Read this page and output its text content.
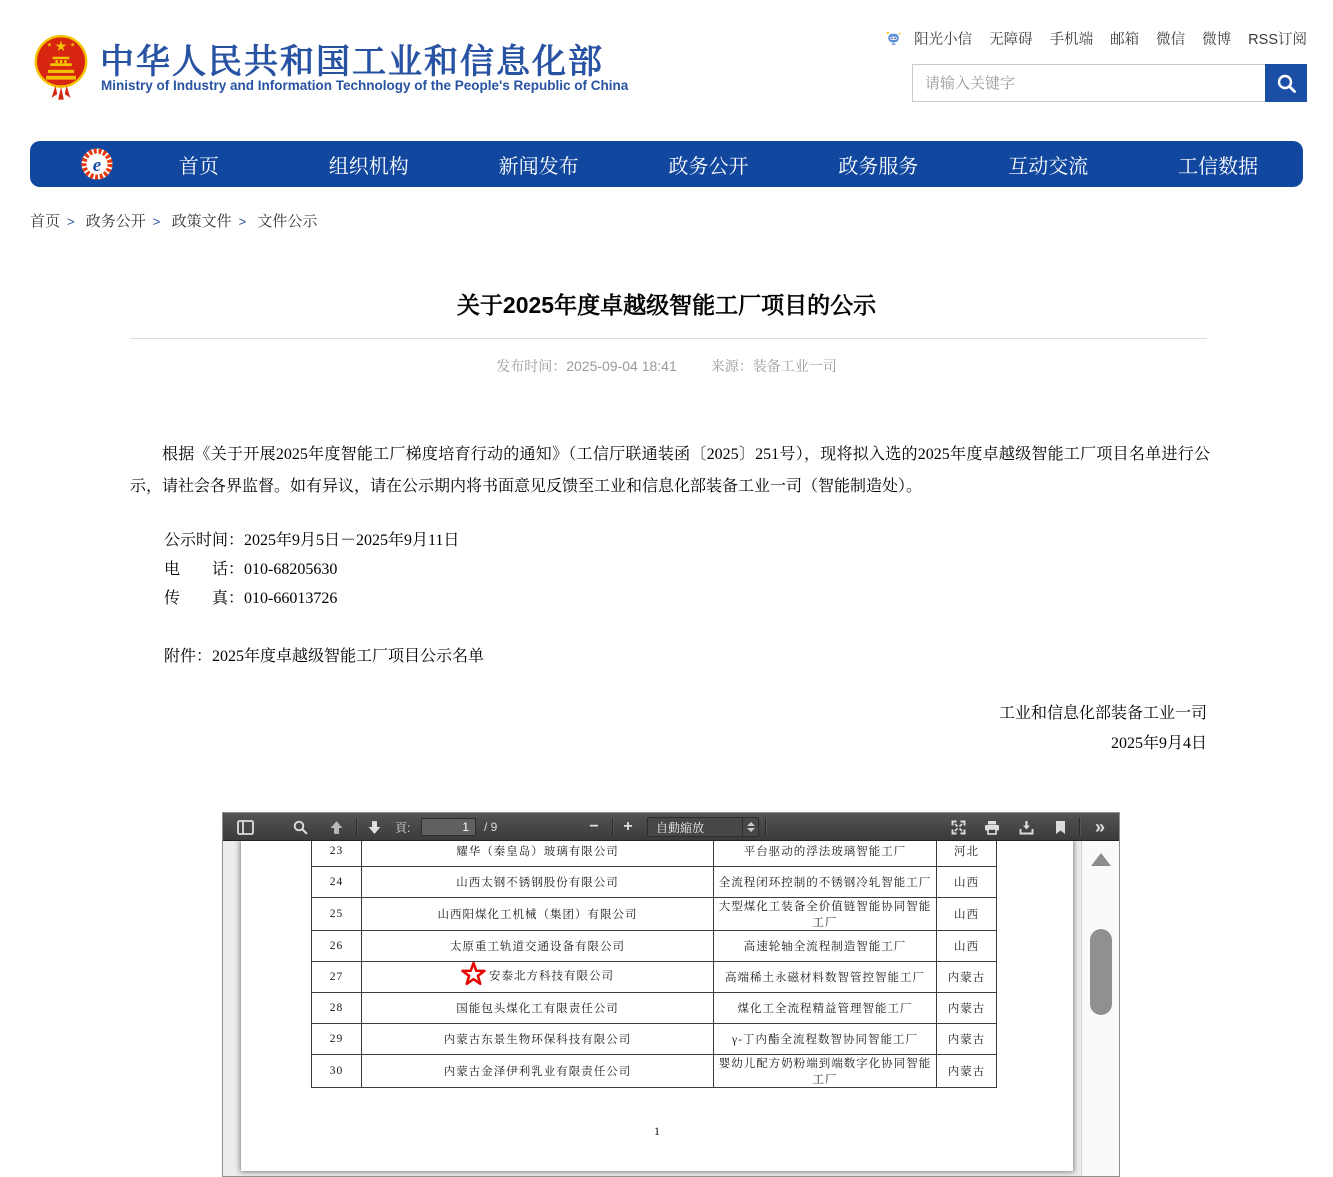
中华人民共和国工业和信息化部
Ministry of Industry and Information Technology of the People's Republic of China
阳光小信 无障碍 手机端 邮箱 微信 微博 RSS订阅
请输入关键字
e	首页	组织机构	新闻发布	政务公开	政务服务	互动交流	工信数据
首页 > 政务公开 > 政策文件 > 文件公示
关于2025年度卓越级智能工厂项目的公示
发布时间：2025-09-04 18:41 来源：装备工业一司
根据《关于开展2025年度智能工厂梯度培育行动的通知》（工信厅联通装函〔2025〕251号），现将拟入选的2025年度卓越级智能工厂项目名单进行公示，请社会各界监督。如有异议，请在公示期内将书面意见反馈至工业和信息化部装备工业一司（智能制造处）。
公示时间：2025年9月5日－2025年9月11日
电　　话：010-68205630
传　　真：010-66013726
附件：2025年度卓越级智能工厂项目公示名单
工业和信息化部装备工业一司
2025年9月4日
頁:
1	/ 9	−	+	自動縮放	»
23	耀华（秦皇岛）玻璃有限公司	平台驱动的浮法玻璃智能工厂	河北
24	山西太钢不锈钢股份有限公司	全流程闭环控制的不锈钢冷轧智能工厂	山西
25	山西阳煤化工机械（集团）有限公司	大型煤化工装备全价值链智能协同智能工厂	山西
26	太原重工轨道交通设备有限公司	高速轮轴全流程制造智能工厂	山西
27	安泰北方科技有限公司	高端稀土永磁材料数智管控智能工厂	内蒙古
28	国能包头煤化工有限责任公司	煤化工全流程精益管理智能工厂	内蒙古
29	内蒙古东景生物环保科技有限公司	γ-丁内酯全流程数智协同智能工厂	内蒙古
30	内蒙古金泽伊利乳业有限责任公司	婴幼儿配方奶粉端到端数字化协同智能工厂	内蒙古
1
